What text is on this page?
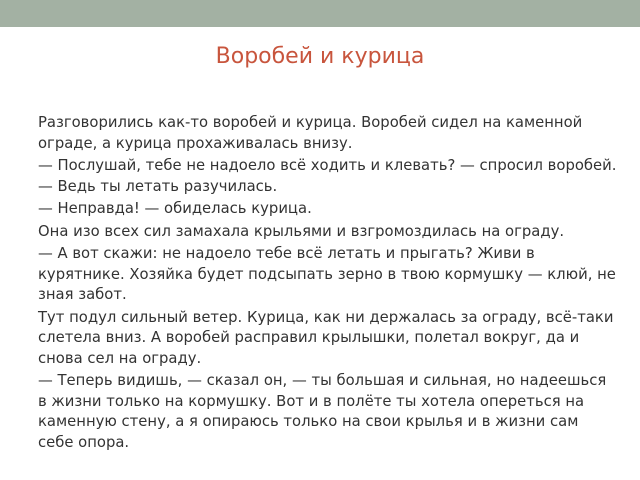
Воробей и курица

Разговорились как-то воробей и курица. Воробей сидел на каменной ограде, а курица прохаживалась внизу.

— Послушай, тебе не надоело всё ходить и клевать? — спросил воробей. — Ведь ты летать разучилась.

— Неправда! — обиделась курица.

Она изо всех сил замахала крыльями и взгромоздилась на ограду.

— А вот скажи: не надоело тебе всё летать и прыгать? Живи в курятнике. Хозяйка будет подсыпать зерно в твою кормушку — клюй, не зная забот.

Тут подул сильный ветер. Курица, как ни держалась за ограду, всё-таки слетела вниз. А воробей расправил крылышки, полетал вокруг, да и снова сел на ограду.

— Теперь видишь, — сказал он, — ты большая и сильная, но надеешься в жизни только на кормушку. Вот и в полёте ты хотела опереться на каменную стену, а я опираюсь только на свои крылья и в жизни сам себе опора.
